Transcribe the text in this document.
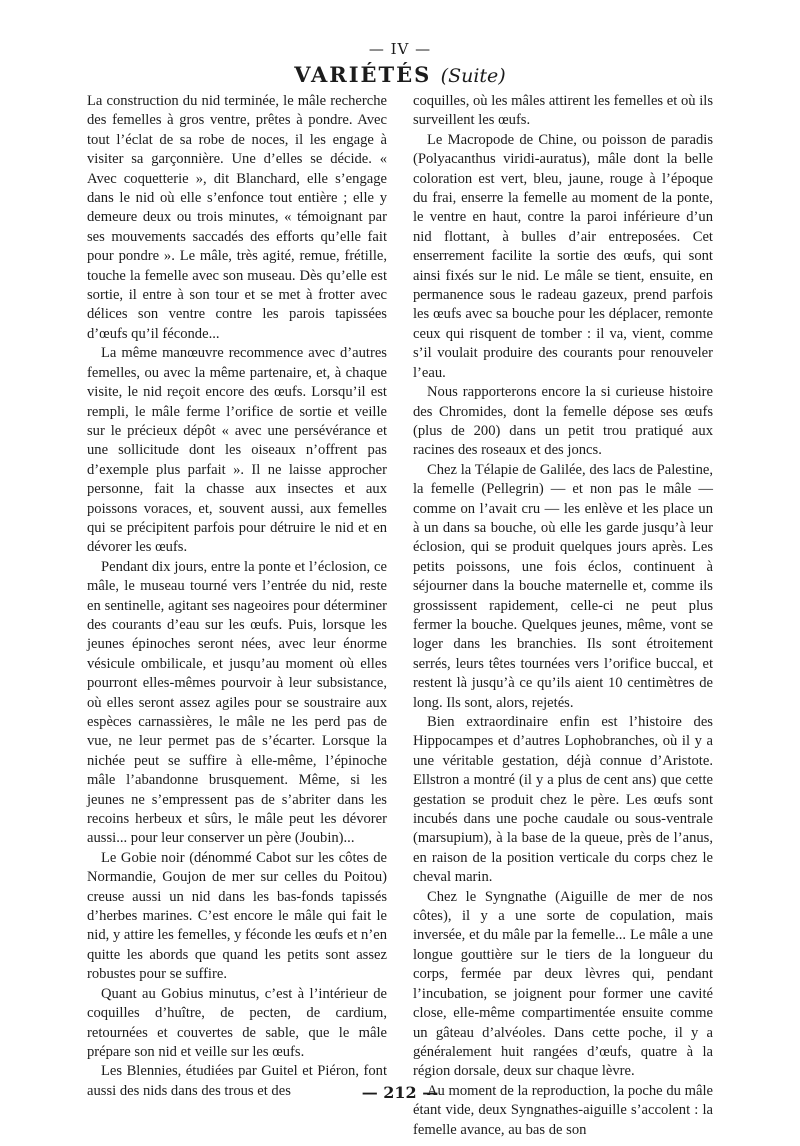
— IV —
VARIÉTÉS (Suite)

La construction du nid terminée, le mâle recherche des femelles à gros ventre, prêtes à pondre. Avec tout l’éclat de sa robe de noces, il les engage à visiter sa garçonnière. Une d’elles se décide. « Avec coquetterie », dit Blanchard, elle s’engage dans le nid où elle s’enfonce tout entière ; elle y demeure deux ou trois minutes, « témoignant par ses mouvements saccadés des efforts qu’elle fait pour pondre ». Le mâle, très agité, remue, frétille, touche la femelle avec son museau. Dès qu’elle est sortie, il entre à son tour et se met à frotter avec délices son ventre contre les parois tapissées d’œufs qu’il féconde...

La même manœuvre recommence avec d’autres femelles, ou avec la même partenaire, et, à chaque visite, le nid reçoit encore des œufs. Lorsqu’il est rempli, le mâle ferme l’orifice de sortie et veille sur le précieux dépôt « avec une persévérance et une sollicitude dont les oiseaux n’offrent pas d’exemple plus parfait ». Il ne laisse approcher personne, fait la chasse aux insectes et aux poissons voraces, et, souvent aussi, aux femelles qui se précipitent parfois pour détruire le nid et en dévorer les œufs.

Pendant dix jours, entre la ponte et l’éclosion, ce mâle, le museau tourné vers l’entrée du nid, reste en sentinelle, agitant ses nageoires pour déterminer des courants d’eau sur les œufs. Puis, lorsque les jeunes épinoches seront nées, avec leur énorme vésicule ombilicale, et jusqu’au moment où elles pourront elles-mêmes pourvoir à leur subsistance, où elles seront assez agiles pour se soustraire aux espèces carnassières, le mâle ne les perd pas de vue, ne leur permet pas de s’écarter. Lorsque la nichée peut se suffire à elle-même, l’épinoche mâle l’abandonne brusquement. Même, si les jeunes ne s’empressent pas de s’abriter dans les recoins herbeux et sûrs, le mâle peut les dévorer aussi... pour leur conserver un père (Joubin)...

Le Gobie noir (dénommé Cabot sur les côtes de Normandie, Goujon de mer sur celles du Poitou) creuse aussi un nid dans les bas-fonds tapissés d’herbes marines. C’est encore le mâle qui fait le nid, y attire les femelles, y féconde les œufs et n’en quitte les abords que quand les petits sont assez robustes pour se suffire.

Quant au Gobius minutus, c’est à l’intérieur de coquilles d’huître, de pecten, de cardium, retournées et couvertes de sable, que le mâle prépare son nid et veille sur les œufs.

Les Blennies, étudiées par Guitel et Piéron, font aussi des nids dans des trous et des

coquilles, où les mâles attirent les femelles et où ils surveillent les œufs.

Le Macropode de Chine, ou poisson de paradis (Polyacanthus viridi-auratus), mâle dont la belle coloration est vert, bleu, jaune, rouge à l’époque du frai, enserre la femelle au moment de la ponte, le ventre en haut, contre la paroi inférieure d’un nid flottant, à bulles d’air entreposées. Cet enserrement facilite la sortie des œufs, qui sont ainsi fixés sur le nid. Le mâle se tient, ensuite, en permanence sous le radeau gazeux, prend parfois les œufs avec sa bouche pour les déplacer, remonte ceux qui risquent de tomber : il va, vient, comme s’il voulait produire des courants pour renouveler l’eau.

Nous rapporterons encore la si curieuse histoire des Chromides, dont la femelle dépose ses œufs (plus de 200) dans un petit trou pratiqué aux racines des roseaux et des joncs.

Chez la Télapie de Galilée, des lacs de Palestine, la femelle (Pellegrin) — et non pas le mâle — comme on l’avait cru — les enlève et les place un à un dans sa bouche, où elle les garde jusqu’à leur éclosion, qui se produit quelques jours après. Les petits poissons, une fois éclos, continuent à séjourner dans la bouche maternelle et, comme ils grossissent rapidement, celle-ci ne peut plus fermer la bouche. Quelques jeunes, même, vont se loger dans les branchies. Ils sont étroitement serrés, leurs têtes tournées vers l’orifice buccal, et restent là jusqu’à ce qu’ils aient 10 centimètres de long. Ils sont, alors, rejetés.

Bien extraordinaire enfin est l’histoire des Hippocampes et d’autres Lophobranches, où il y a une véritable gestation, déjà connue d’Aristote. Ellstron a montré (il y a plus de cent ans) que cette gestation se produit chez le père. Les œufs sont incubés dans une poche caudale ou sous-ventrale (marsupium), à la base de la queue, près de l’anus, en raison de la position verticale du corps chez le cheval marin.

Chez le Syngnathe (Aiguille de mer de nos côtes), il y a une sorte de copulation, mais inversée, et du mâle par la femelle... Le mâle a une longue gouttière sur le tiers de la longueur du corps, fermée par deux lèvres qui, pendant l’incubation, se joignent pour former une cavité close, elle-même compartimentée ensuite comme un gâteau d’alvéoles. Dans cette poche, il y a généralement huit rangées d’œufs, quatre à la région dorsale, deux sur chaque lèvre.

Au moment de la reproduction, la poche du mâle étant vide, deux Syngnathes-aiguille s’accolent : la femelle avance, au bas de son

— 212 —
